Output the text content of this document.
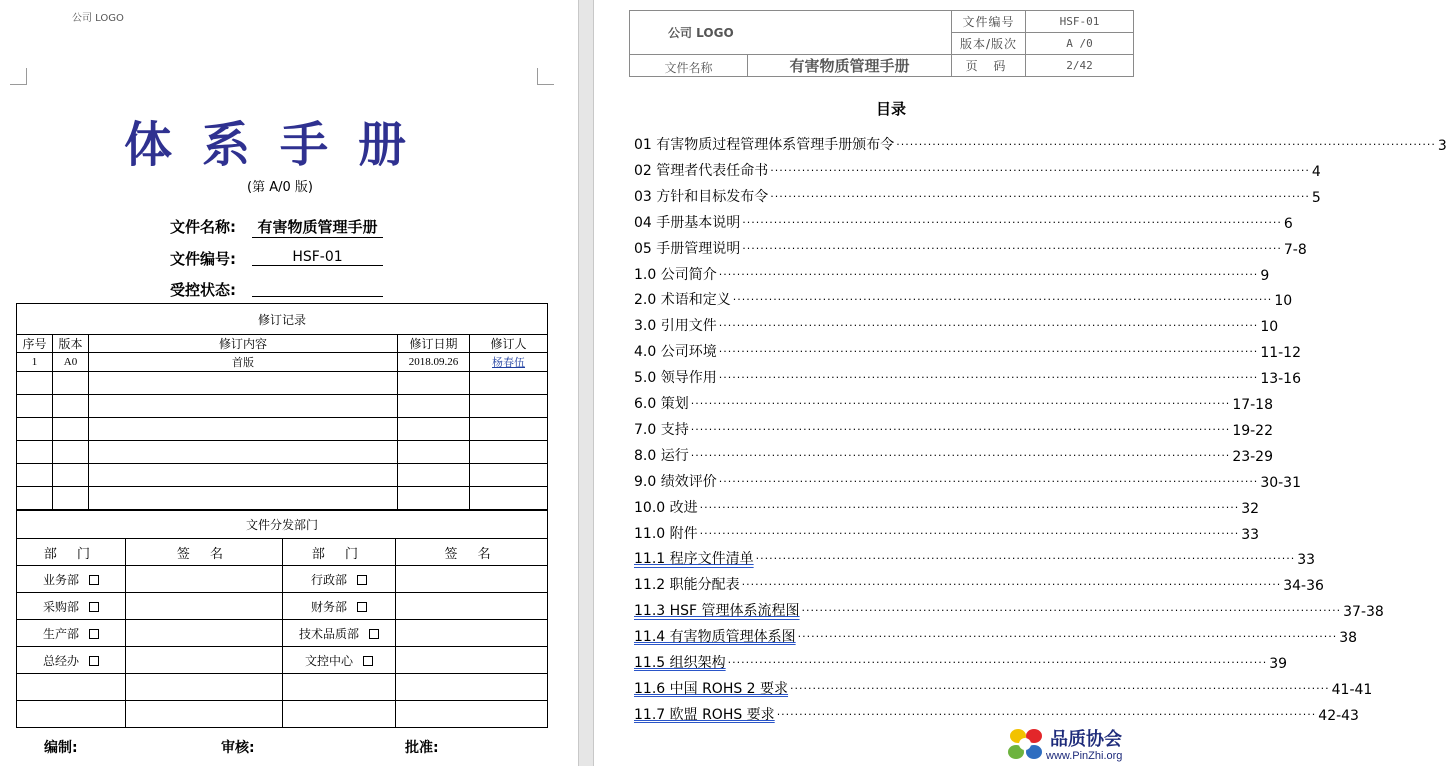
公司 LOGO
体系手册
(第 A/0 版)
文件名称:	有害物质管理手册
文件编号:	HSF-01
受控状态:
修订记录				
序号	版本	修订内容	修订日期	修订人
1	A0	首版	2018.09.26	杨春伍

文件分发部门			
部 门	签 名	部 门	签 名
业务部		行政部	
采购部		财务部	
生产部		技术品质部	
总经办		文控中心	

编制:	审核:	批准:
公司 LOGO		文件编号	HSF-01
		版本/版次	A /0
文件名称	有害物质管理手册	页 码	2/42
目录
01 有害物质过程管理体系管理手册颁布令 ························································································································ 3
02 管理者代表任命书 ························································································································ 4
03 方针和目标发布令 ························································································································ 5
04 手册基本说明 ························································································································ 6
05 手册管理说明 ························································································································ 7-8
1.0 公司简介 ························································································································ 9
2.0 术语和定义 ························································································································ 10
3.0 引用文件 ························································································································ 10
4.0 公司环境 ························································································································ 11-12
5.0 领导作用 ························································································································ 13-16
6.0 策划 ························································································································ 17-18
7.0 支持 ························································································································ 19-22
8.0 运行 ························································································································ 23-29
9.0 绩效评价 ························································································································ 30-31
10.0 改进 ························································································································ 32
11.0 附件 ························································································································ 33
11.1 程序文件清单 ························································································································ 33
11.2 职能分配表 ························································································································ 34-36
11.3 HSF 管理体系流程图 ························································································································ 37-38
11.4 有害物质管理体系图 ························································································································ 38
11.5 组织架构 ························································································································ 39
11.6 中国 ROHS 2 要求 ························································································································ 41-41
11.7 欧盟 ROHS 要求 ························································································································ 42-43
品质协会
www.PinZhi.org
